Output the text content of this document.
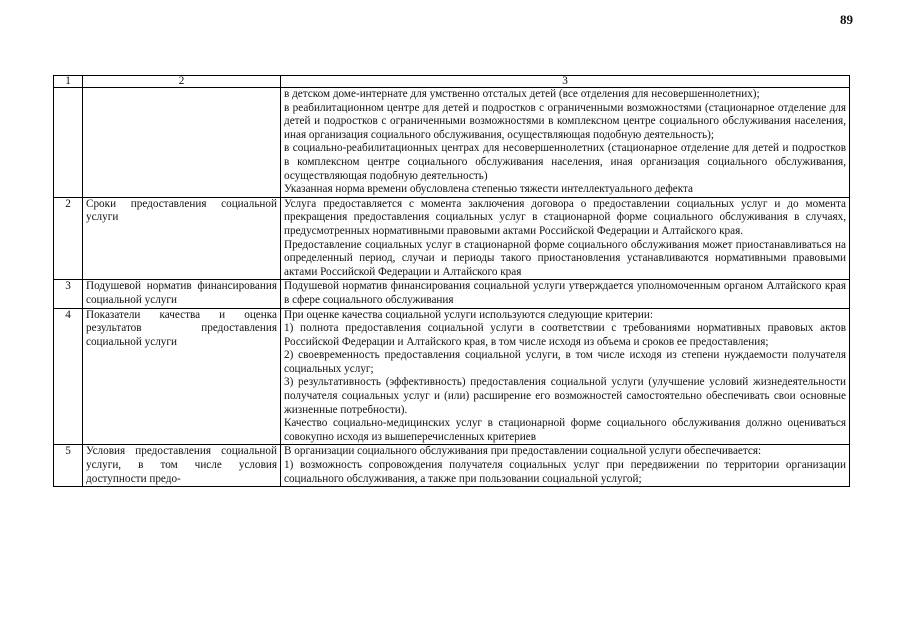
89
1	2	3

		в детском доме-интернате для умственно отсталых детей (все отделения для несовершеннолетних);
в реабилитационном центре для детей и подростков с ограниченными возможностями (стационарное отделение для детей и подростков с ограниченными возможностями в комплексном центре социального обслуживания населения, иная организация социального обслуживания, осуществляющая подобную деятельность);
в социально-реабилитационных центрах для несовершеннолетних (стационарное отделение для детей и подростков в комплексном центре социального обслуживания населения, иная организация социального обслуживания, осуществляющая подобную деятельность)
Указанная норма времени обусловлена степенью тяжести интеллектуального дефекта

2	Сроки предоставления социальной услуги	Услуга предоставляется с момента заключения договора о предоставлении социальных услуг и до момента прекращения предоставления социальных услуг в стационарной форме социального обслуживания в случаях, предусмотренных нормативными правовыми актами Российской Федерации и Алтайского края.
Предоставление социальных услуг в стационарной форме социального обслуживания может приостанавливаться на определенный период, случаи и периоды такого приостановления устанавливаются нормативными правовыми актами Российской Федерации и Алтайского края

3	Подушевой норматив финансирования социальной услуги	Подушевой норматив финансирования социальной услуги утверждается уполномоченным органом Алтайского края в сфере социального обслуживания

4	Показатели качества и оценка результатов предоставления социальной услуги	При оценке качества социальной услуги используются следующие критерии:
1) полнота предоставления социальной услуги в соответствии с требованиями нормативных правовых актов Российской Федерации и Алтайского края, в том числе исходя из объема и сроков ее предоставления;
2) своевременность предоставления социальной услуги, в том числе исходя из степени нуждаемости получателя социальных услуг;
3) результативность (эффективность) предоставления социальной услуги (улучшение условий жизнедеятельности получателя социальных услуг и (или) расширение его возможностей самостоятельно обеспечивать свои основные жизненные потребности).
Качество социально-медицинских услуг в стационарной форме социального обслуживания должно оцениваться совокупно исходя из вышеперечисленных критериев

5	Условия предоставления социальной услуги, в том числе условия доступности предо-	В организации социального обслуживания при предоставлении социальной услуги обеспечивается:
1) возможность сопровождения получателя социальных услуг при передвижении по территории организации социального обслуживания, а также при пользовании социальной услугой;
